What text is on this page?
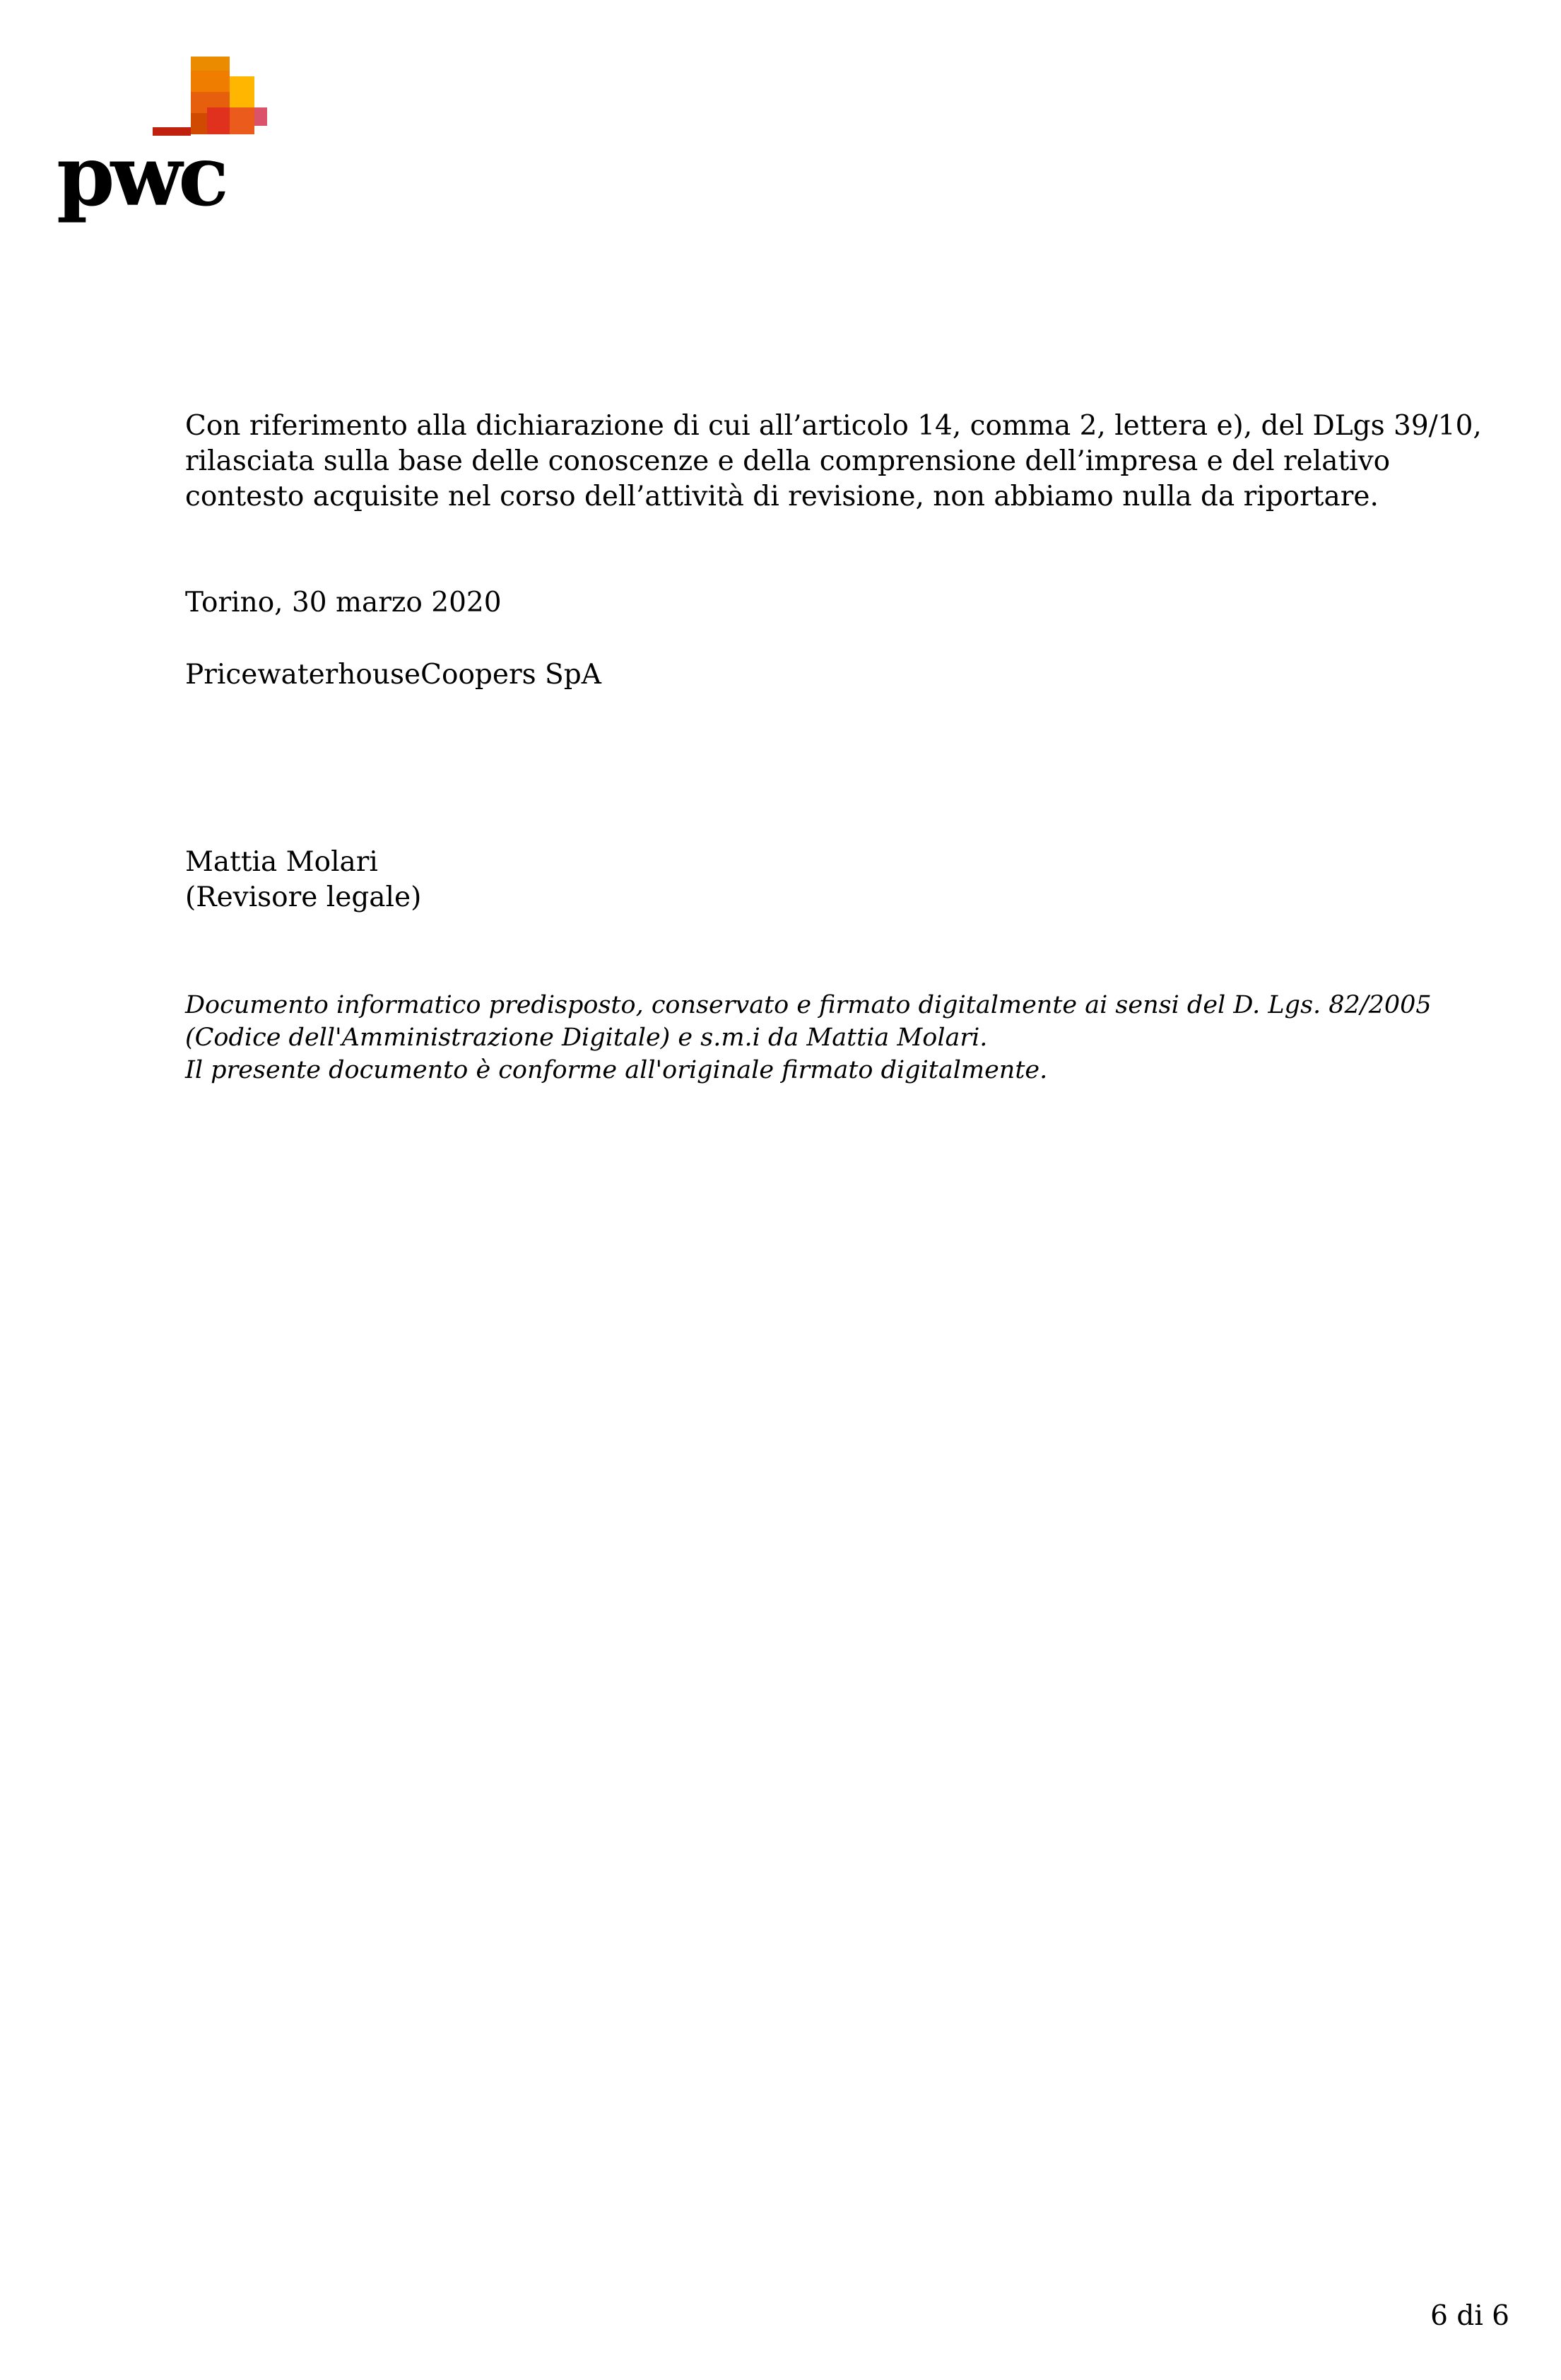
pwc

Con riferimento alla dichiarazione di cui all’articolo 14, comma 2, lettera e), del DLgs 39/10, rilasciata sulla base delle conoscenze e della comprensione dell’impresa e del relativo contesto acquisite nel corso dell’attività di revisione, non abbiamo nulla da riportare.

Torino, 30 marzo 2020

PricewaterhouseCoopers SpA

Mattia Molari

(Revisore legale)

Documento informatico predisposto, conservato e firmato digitalmente ai sensi del D. Lgs. 82/2005 (Codice dell'Amministrazione Digitale) e s.m.i da Mattia Molari.
Il presente documento è conforme all'originale firmato digitalmente.
6 di 6
